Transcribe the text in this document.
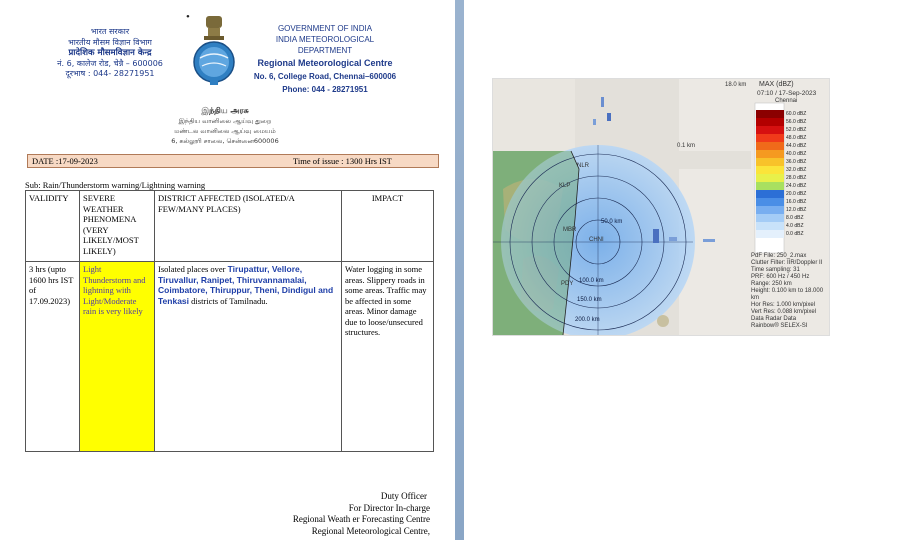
भारत सरकार
भारतीय मौसम विज्ञान विभाग
प्रादेशिक मौसमविज्ञान केन्द्र
नं. 6, कालेज रोड, चेन्नै – 600006
दूरभाष : 044- 28271951
•
GOVERNMENT OF INDIA
INDIA METEOROLOGICAL DEPARTMENT
Regional Meteorological Centre
No. 6, College Road, Chennai–600006
Phone: 044 - 28271951
இந்திய அரசு
இந்திய வானிலை ஆய்வு துறை
மண்டல வானிலை ஆய்வு மையம்
6, கல்லூரி சாலை, சென்னை600006
DATE :17-09-2023	Time of issue : 1300 Hrs IST
Sub: Rain/Thunderstorm warning/Lightning warning
VALIDITY	SEVERE WEATHER PHENOMENA (VERY LIKELY/MOST LIKELY)	DISTRICT AFFECTED (ISOLATED/A FEW/MANY PLACES)	IMPACT
3 hrs (upto 1600 hrs IST of 17.09.2023)	Light Thunderstorm and lightning with Light/Moderate rain is very likely	Isolated places over Tirupattur, Vellore, Tiruvallur, Ranipet, Thiruvannamalai, Coimbatore, Thiruppur, Theni, Dindigul and Tenkasi districts of Tamilnadu.	Water logging in some areas. Slippery roads in some areas. Traffic may be affected in some areas. Minor damage due to loose/unsecured structures.
Duty Officer
For Director In-charge
Regional Weath er Forecasting Centre
Regional Meteorological Centre,
18.0 km MAX (dBZ)
07:10 / 17-Sep-2023
Chennai
0.1 km
50.0 km
100.0 km
150.0 km
200.0 km
KLP
CHNI
PDY
MBR
NLR
60.0 dBZ
56.0 dBZ
52.0 dBZ
48.0 dBZ
44.0 dBZ
40.0 dBZ
36.0 dBZ
32.0 dBZ
28.0 dBZ
24.0 dBZ
20.0 dBZ
16.0 dBZ
12.0 dBZ
8.0 dBZ
4.0 dBZ
0.0 dBZ
PdF File: 250_2.max
Clutter Filter: IIR/Doppler II
Time sampling: 31
PRF: 600 Hz / 450 Hz
Range: 250 km
Height: 0.100 km to 18.000 km
Hor Res: 1.000 km/pixel
Vert Res: 0.088 km/pixel
Data Radar Data
Rainbow® SELEX-SI
